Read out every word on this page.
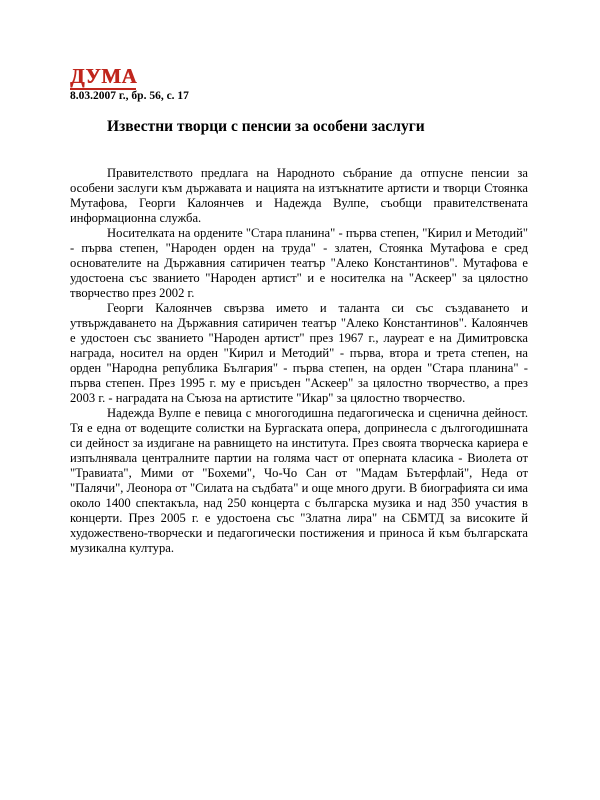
ДУМА
8.03.2007 г., бр. 56, с. 17
Известни творци с пенсии за особени заслуги

Правителството предлага на Народното събрание да отпусне пенсии за особени заслуги към държавата и нацията на изтъкнатите артисти и творци Стоянка Мутафова, Георги Калоянчев и Надежда Вулпе, съобщи правителствената информационна служба.

Носителката на ордените "Стара планина" - първа степен, "Кирил и Методий" - първа степен, "Народен орден на труда" - златен, Стоянка Мутафова е сред основателите на Държавния сатиричен театър "Алеко Константинов". Мутафова е удостоена със званието "Народен артист" и е носителка на "Аскеер" за цялостно творчество през 2002 г.

Георги Калоянчев свързва името и таланта си със създаването и утвърждаването на Държавния сатиричен театър "Алеко Константинов". Калоянчев е удостоен със званието "Народен артист" през 1967 г., лауреат е на Димитровска награда, носител на орден "Кирил и Методий" - първа, втора и трета степен, на орден "Народна република България" - първа степен, на орден "Стара планина" - първа степен. През 1995 г. му е присъден "Аскеер" за цялостно творчество, а през 2003 г. - наградата на Съюза на артистите "Икар" за цялостно творчество.

Надежда Вулпе е певица с многогодишна педагогическа и сценична дейност. Тя е една от водещите солистки на Бургаската опера, допринесла с дългогодишната си дейност за издигане на равнището на института. През своята творческа кариера е изпълнявала централните партии на голяма част от оперната класика - Виолета от "Травиата", Мими от "Бохеми", Чо-Чо Сан от "Мадам Бътерфлай", Неда от "Палячи", Леонора от "Силата на съдбата" и още много други. В биографията си има около 1400 спектакъла, над 250 концерта с българска музика и над 350 участия в концерти. През 2005 г. е удостоена със "Златна лира" на СБМТД за високите й художествено-творчески и педагогически постижения и приноса й към българската музикална култура.
